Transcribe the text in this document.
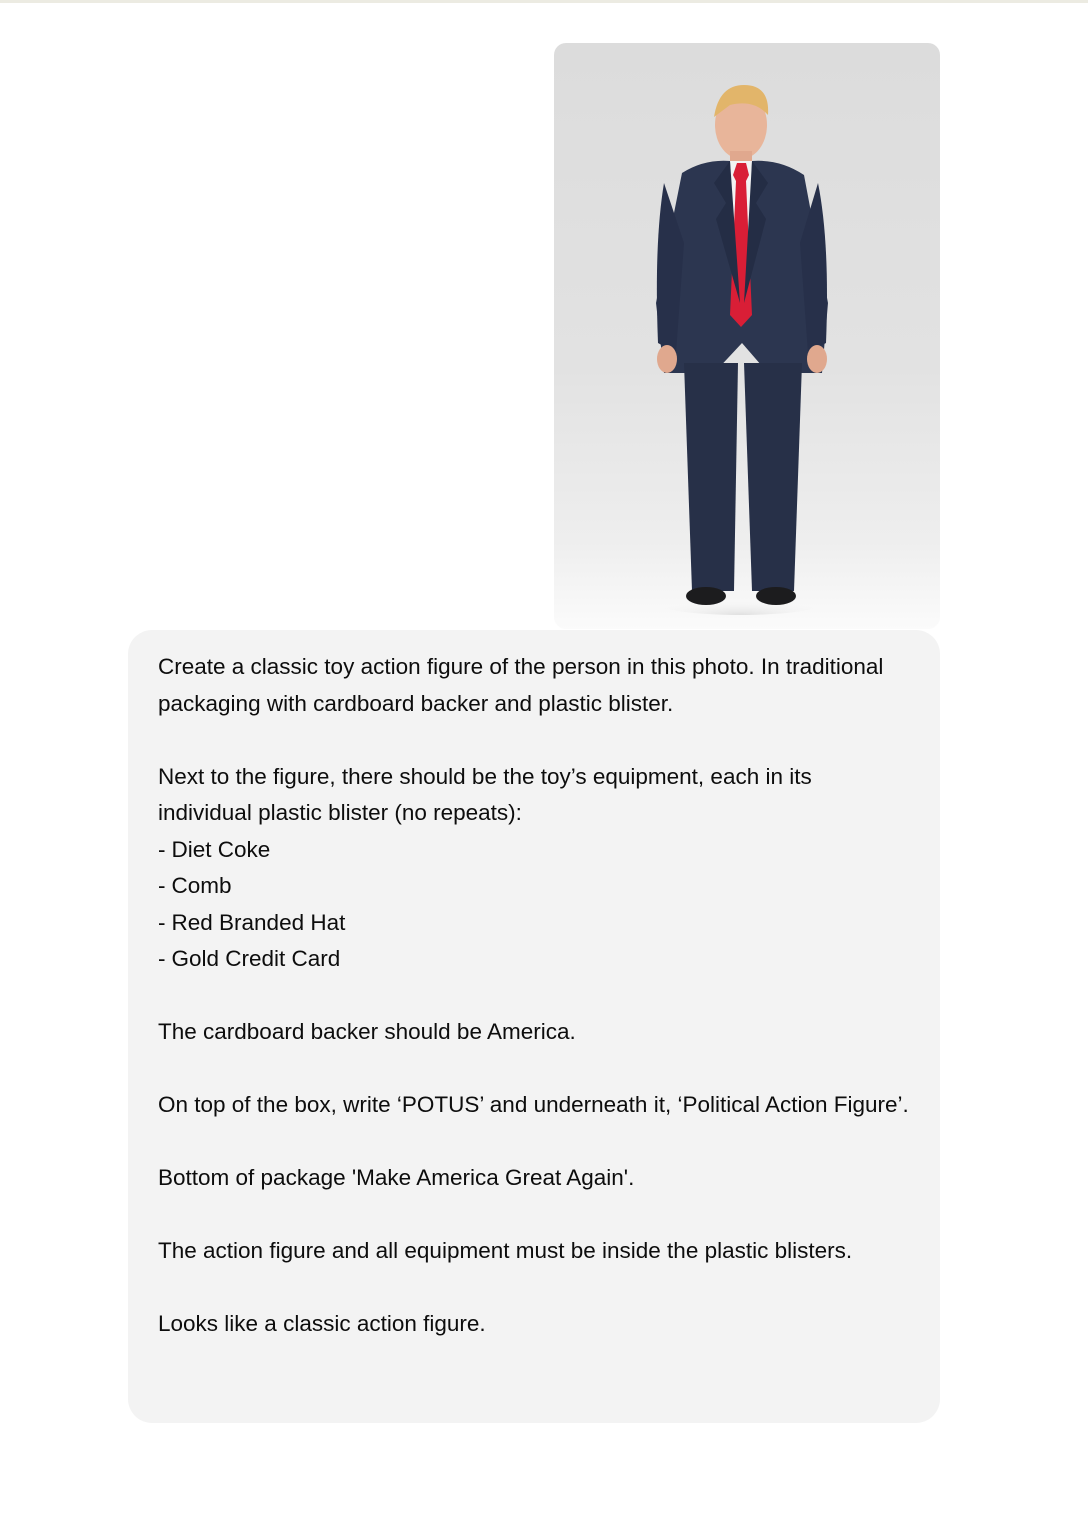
Create a classic toy action figure of the person in this photo. In traditional packaging with cardboard backer and plastic blister.

Next to the figure, there should be the toy’s equipment, each in its individual plastic blister (no repeats):

- Diet Coke
- Comb
- Red Branded Hat
- Gold Credit Card

The cardboard backer should be America.

On top of the box, write ‘POTUS’ and underneath it, ‘Political Action Figure’.

Bottom of package 'Make America Great Again'.

The action figure and all equipment must be inside the plastic blisters.

Looks like a classic action figure.
